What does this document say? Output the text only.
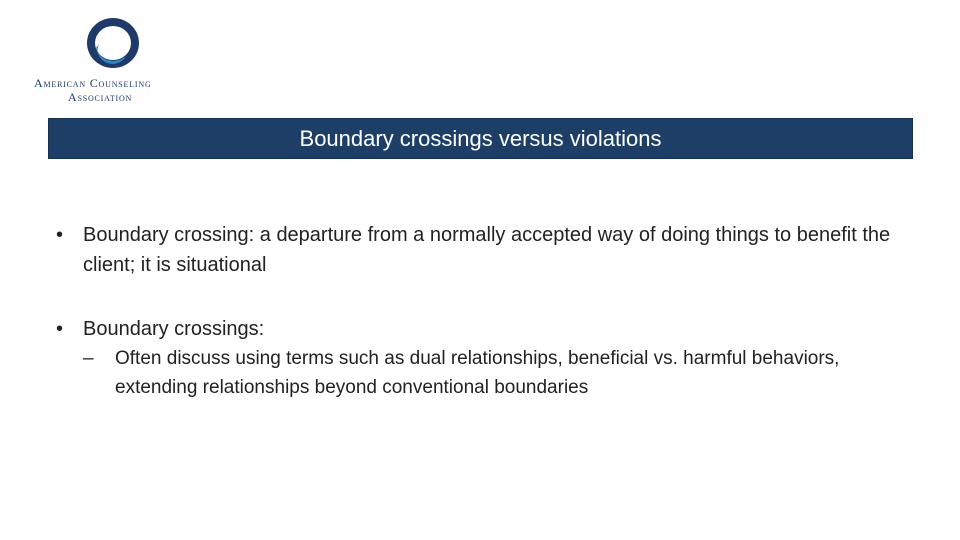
American Counseling
Association
Boundary crossings versus violations
• Boundary crossing: a departure from a normally accepted way of doing things to benefit the client; it is situational
• Boundary crossings:
– Often discuss using terms such as dual relationships, beneficial vs. harmful behaviors, extending relationships beyond conventional boundaries
